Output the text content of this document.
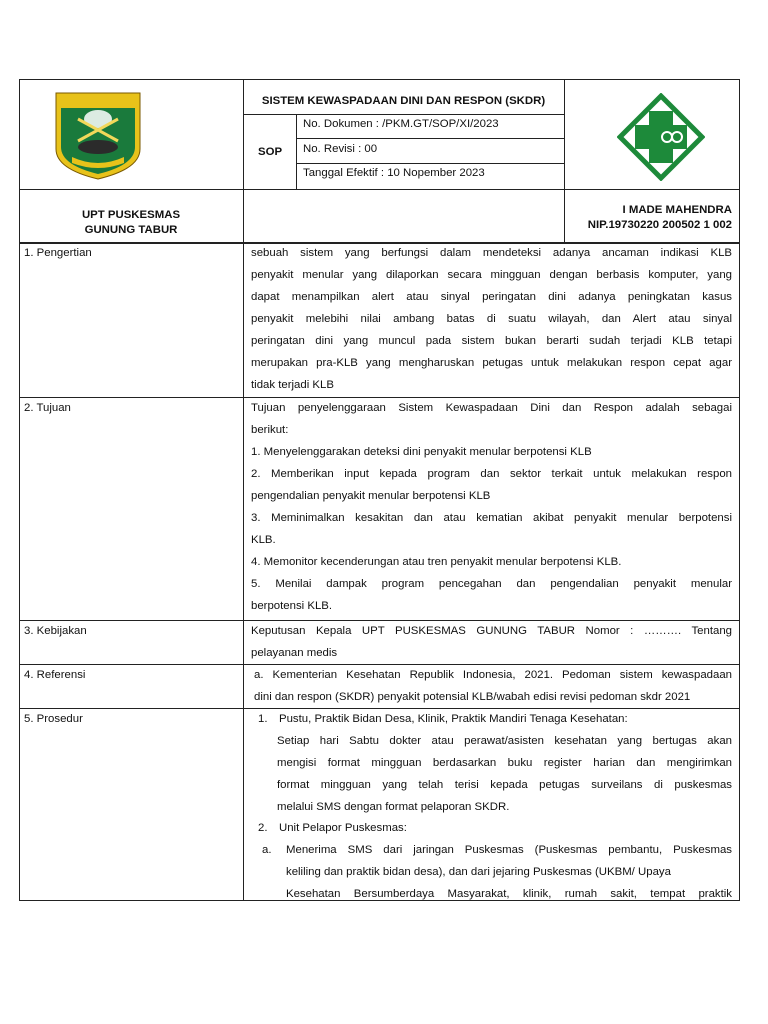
SISTEM KEWASPADAAN DINI DAN RESPON (SKDR)
SOP
No. Dokumen : /PKM.GT/SOP/XI/2023
No. Revisi : 00
Tanggal Efektif : 10 Nopember 2023
UPT PUSKESMAS
GUNUNG TABUR
I MADE MAHENDRA
NIP.19730220 200502 1 002
1. Pengertian	sebuah sistem yang berfungsi dalam mendeteksi adanya ancaman indikasi KLB
penyakit menular yang dilaporkan secara mingguan dengan berbasis komputer, yang
dapat menampilkan alert atau sinyal peringatan dini adanya peningkatan kasus
penyakit melebihi nilai ambang batas di suatu wilayah, dan Alert atau sinyal
peringatan dini yang muncul pada sistem bukan berarti sudah terjadi KLB tetapi
merupakan pra-KLB yang mengharuskan petugas untuk melakukan respon cepat agar
tidak terjadi KLB
2. Tujuan	Tujuan penyelenggaraan Sistem Kewaspadaan Dini dan Respon adalah sebagai
berikut:
1. Menyelenggarakan deteksi dini penyakit menular berpotensi KLB
2. Memberikan input kepada program dan sektor terkait untuk melakukan respon
pengendalian penyakit menular berpotensi KLB
3. Meminimalkan kesakitan dan atau kematian akibat penyakit menular berpotensi
KLB.
4. Memonitor kecenderungan atau tren penyakit menular berpotensi KLB.
5. Menilai dampak program pencegahan dan pengendalian penyakit menular
berpotensi KLB.
3. Kebijakan	Keputusan Kepala UPT PUSKESMAS GUNUNG TABUR Nomor : ………. Tentang
pelayanan medis
4. Referensi	a. Kementerian Kesehatan Republik Indonesia, 2021. Pedoman sistem kewaspadaan
dini dan respon (SKDR) penyakit potensial KLB/wabah edisi revisi pedoman skdr 2021
5. Prosedur	1. Pustu, Praktik Bidan Desa, Klinik, Praktik Mandiri Tenaga Kesehatan:
Setiap hari Sabtu dokter atau perawat/asisten kesehatan yang bertugas akan
mengisi format mingguan berdasarkan buku register harian dan mengirimkan
format mingguan yang telah terisi kepada petugas surveilans di puskesmas
melalui SMS dengan format pelaporan SKDR.
2. Unit Pelapor Puskesmas:
a. Menerima SMS dari jaringan Puskesmas (Puskesmas pembantu, Puskesmas
keliling dan praktik bidan desa), dan dari jejaring Puskesmas (UKBM/ Upaya
Kesehatan Bersumberdaya Masyarakat, klinik, rumah sakit, tempat praktik
